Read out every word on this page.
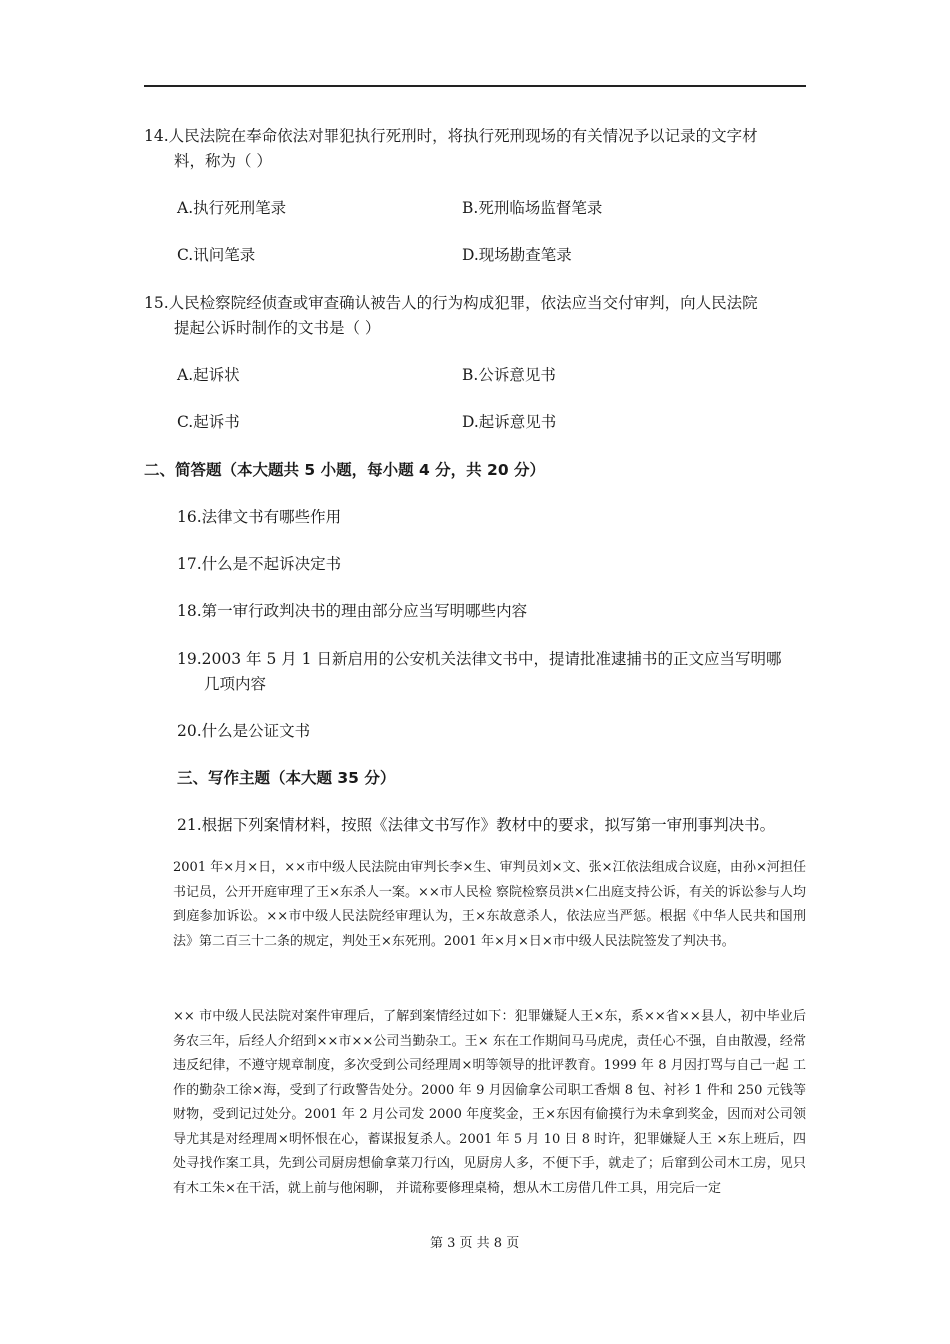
14.人民法院在奉命依法对罪犯执行死刑时，将执行死刑现场的有关情况予以记录的文字材
料，称为（ ）
A.执行死刑笔录	B.死刑临场监督笔录
C.讯问笔录	D.现场勘查笔录
15.人民检察院经侦查或审查确认被告人的行为构成犯罪，依法应当交付审判，向人民法院
提起公诉时制作的文书是（ ）
A.起诉状	B.公诉意见书
C.起诉书	D.起诉意见书
二、简答题（本大题共 5 小题，每小题 4 分，共 20 分）
16.法律文书有哪些作用
17.什么是不起诉决定书
18.第一审行政判决书的理由部分应当写明哪些内容
19.2003 年 5 月 1 日新启用的公安机关法律文书中，提请批准逮捕书的正文应当写明哪
几项内容
20.什么是公证文书
三、写作主题（本大题 35 分）
21.根据下列案情材料，按照《法律文书写作》教材中的要求，拟写第一审刑事判决书。
2001 年×月×日，××市中级人民法院由审判长李×生、审判员刘×文、张×江依法组成合议庭，由孙×河担任书记员，公开开庭审理了王×东杀人一案。××市人民检 察院检察员洪×仁出庭支持公诉，有关的诉讼参与人均到庭参加诉讼。××市中级人民法院经审理认为，王×东故意杀人，依法应当严惩。根据《中华人民共和国刑法》第二百三十二条的规定，判处王×东死刑。2001 年×月×日×市中级人民法院签发了判决书。
×× 市中级人民法院对案件审理后，了解到案情经过如下：犯罪嫌疑人王×东，系××省××县人，初中毕业后务农三年，后经人介绍到××市××公司当勤杂工。王× 东在工作期间马马虎虎，责任心不强，自由散漫，经常违反纪律，不遵守规章制度，多次受到公司经理周×明等领导的批评教育。1999 年 8 月因打骂与自己一起 工作的勤杂工徐×海，受到了行政警告处分。2000 年 9 月因偷拿公司职工香烟 8 包、衬衫 1 件和 250 元钱等财物，受到记过处分。2001 年 2 月公司发 2000 年度奖金，王×东因有偷摸行为未拿到奖金，因而对公司领导尤其是对经理周×明怀恨在心，蓄谋报复杀人。2001 年 5 月 10 日 8 时许，犯罪嫌疑人王 ×东上班后，四处寻找作案工具，先到公司厨房想偷拿菜刀行凶，见厨房人多，不便下手，就走了；后窜到公司木工房，见只有木工朱×在干活，就上前与他闲聊， 并谎称要修理桌椅，想从木工房借几件工具，用完后一定
第 3 页 共 8 页
